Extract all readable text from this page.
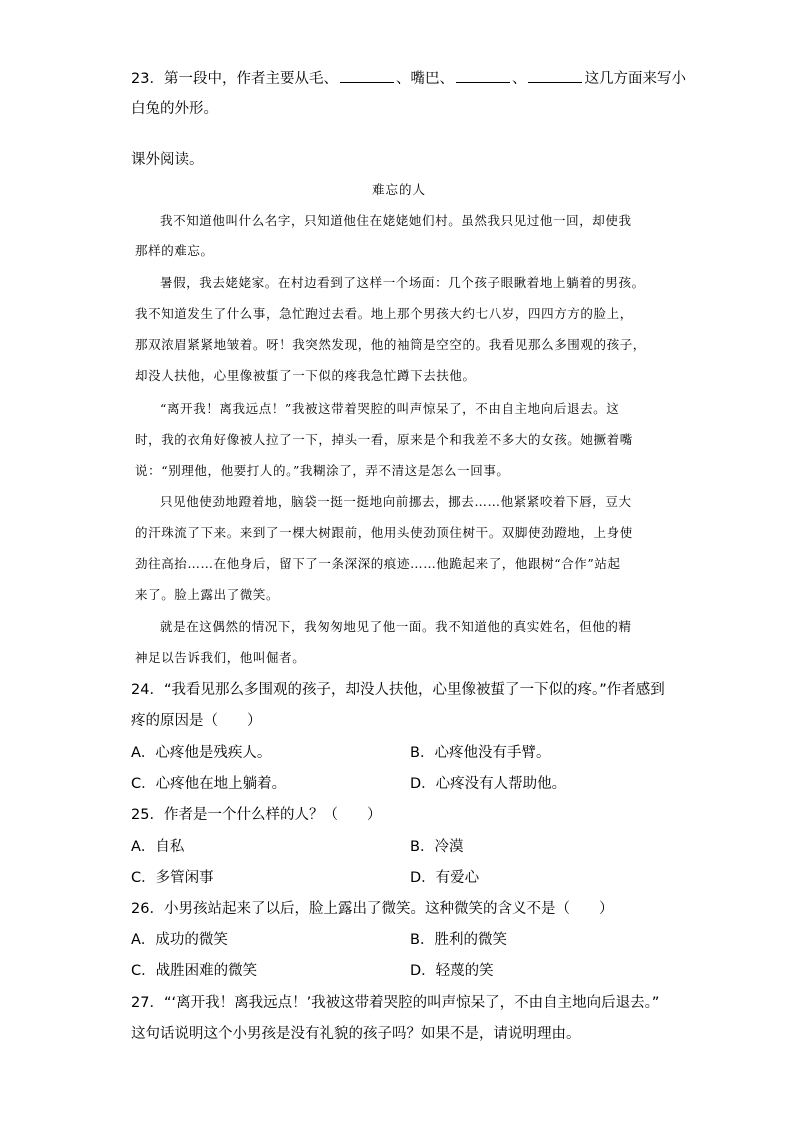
23．第一段中，作者主要从毛、	、嘴巴、	、	这几方面来写小
白兔的外形。
课外阅读。
难忘的人
我不知道他叫什么名字，只知道他住在姥姥她们村。虽然我只见过他一回，却使我
那样的难忘。
暑假，我去姥姥家。在村边看到了这样一个场面：几个孩子眼瞅着地上躺着的男孩。
我不知道发生了什么事，急忙跑过去看。地上那个男孩大约七八岁，四四方方的脸上，
那双浓眉紧紧地皱着。呀！我突然发现，他的袖筒是空空的。我看见那么多围观的孩子，
却没人扶他，心里像被蜇了一下似的疼我急忙蹲下去扶他。
“离开我！离我远点！”我被这带着哭腔的叫声惊呆了，不由自主地向后退去。这
时，我的衣角好像被人拉了一下，掉头一看，原来是个和我差不多大的女孩。她撅着嘴
说：“别理他，他要打人的。”我糊涂了，弄不清这是怎么一回事。
只见他使劲地蹬着地，脑袋一挺一挺地向前挪去，挪去……他紧紧咬着下唇，豆大
的汗珠流了下来。来到了一棵大树跟前，他用头使劲顶住树干。双脚使劲蹬地，上身使
劲往高抬……在他身后，留下了一条深深的痕迹……他跪起来了，他跟树“合作”站起
来了。脸上露出了微笑。
就是在这偶然的情况下，我匆匆地见了他一面。我不知道他的真实姓名，但他的精
神足以告诉我们，他叫倔者。
24．“我看见那么多围观的孩子，却没人扶他，心里像被蜇了一下似的疼。”作者感到
疼的原因是（　　）
A．心疼他是残疾人。	B．心疼他没有手臂。
C．心疼他在地上躺着。	D．心疼没有人帮助他。
25．作者是一个什么样的人？（　　）
A．自私	B．冷漠
C．多管闲事	D．有爱心
26．小男孩站起来了以后，脸上露出了微笑。这种微笑的含义不是（　　）
A．成功的微笑	B．胜利的微笑
C．战胜困难的微笑	D．轻蔑的笑
27．“‘离开我！离我远点！’我被这带着哭腔的叫声惊呆了，不由自主地向后退去。”
这句话说明这个小男孩是没有礼貌的孩子吗？如果不是，请说明理由。
